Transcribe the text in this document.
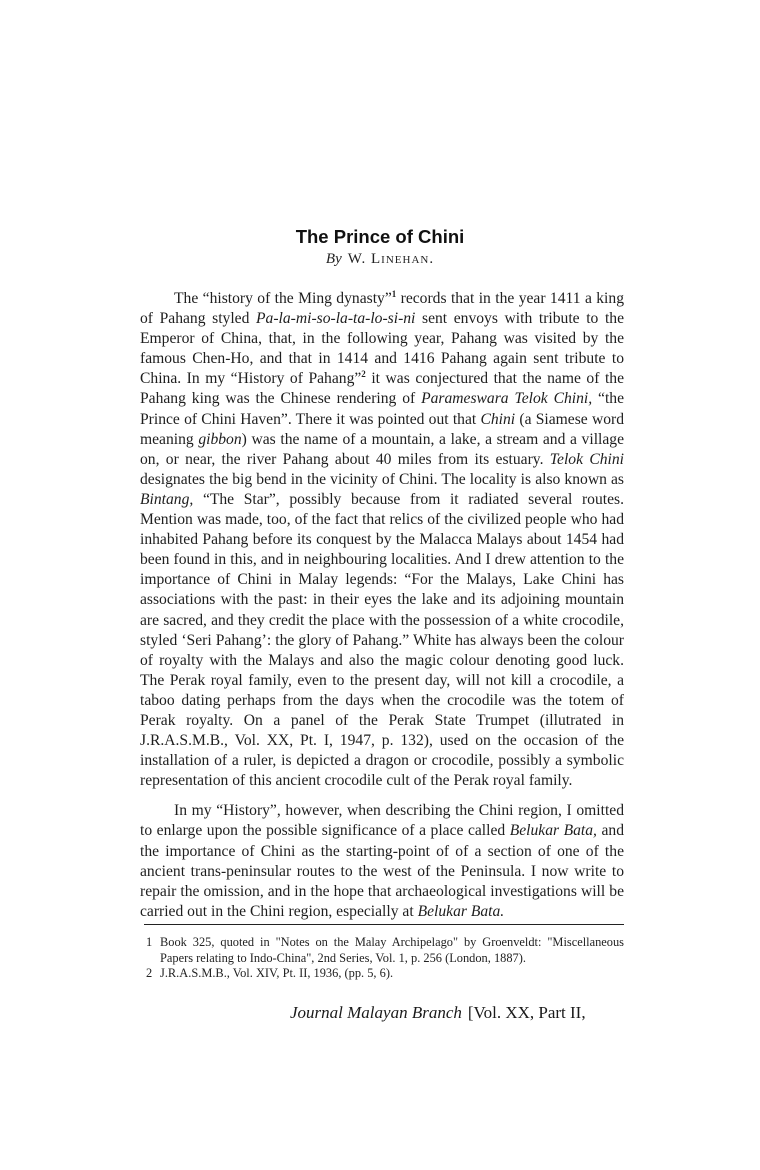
The Prince of Chini
By W. Linehan.

The “history of the Ming dynasty”$^1$ records that in the year 1411 a king of Pahang styled Pa-la-mi-so-la-ta-lo-si-ni sent envoys with tribute to the Emperor of China, that, in the following year, Pahang was visited by the famous Chen-Ho, and that in 1414 and 1416 Pahang again sent tribute to China. In my “History of Pahang”$^2$ it was conjectured that the name of the Pahang king was the Chinese rendering of Parameswara Telok Chini, “the Prince of Chini Haven”. There it was pointed out that Chini (a Siamese word meaning gibbon) was the name of a mountain, a lake, a stream and a village on, or near, the river Pahang about 40 miles from its estuary. Telok Chini designates the big bend in the vicinity of Chini. The locality is also known as Bintang, “The Star”, possibly because from it radiated several routes. Mention was made, too, of the fact that relics of the civilized people who had inhabited Pahang before its conquest by the Malacca Malays about 1454 had been found in this, and in neighbouring localities. And I drew attention to the importance of Chini in Malay legends: “For the Malays, Lake Chini has associations with the past: in their eyes the lake and its adjoining mountain are sacred, and they credit the place with the possession of a white crocodile, styled ‘Seri Pahang’: the glory of Pahang.” White has always been the colour of royalty with the Malays and also the magic colour denoting good luck. The Perak royal family, even to the present day, will not kill a crocodile, a taboo dating perhaps from the days when the crocodile was the totem of Perak royalty. On a panel of the Perak State Trumpet (illutrated in J.R.A.S.M.B., Vol. XX, Pt. I, 1947, p. 132), used on the occasion of the installation of a ruler, is depicted a dragon or crocodile, possibly a symbolic representation of this ancient crocodile cult of the Perak royal family.

In my “History”, however, when describing the Chini region, I omitted to enlarge upon the possible significance of a place called Belukar Bata, and the importance of Chini as the starting-point of of a section of one of the ancient trans-peninsular routes to the west of the Peninsula. I now write to repair the omission, and in the hope that archaeological investigations will be carried out in the Chini region, especially at Belukar Bata.

1 Book 325, quoted in "Notes on the Malay Archipelago" by Groenveldt: "Miscellaneous Papers relating to Indo-China", 2nd Series, Vol. 1, p. 256 (London, 1887).
2 J.R.A.S.M.B., Vol. XIV, Pt. II, 1936, (pp. 5, 6).
Journal Malayan Branch [Vol. XX, Part II,
